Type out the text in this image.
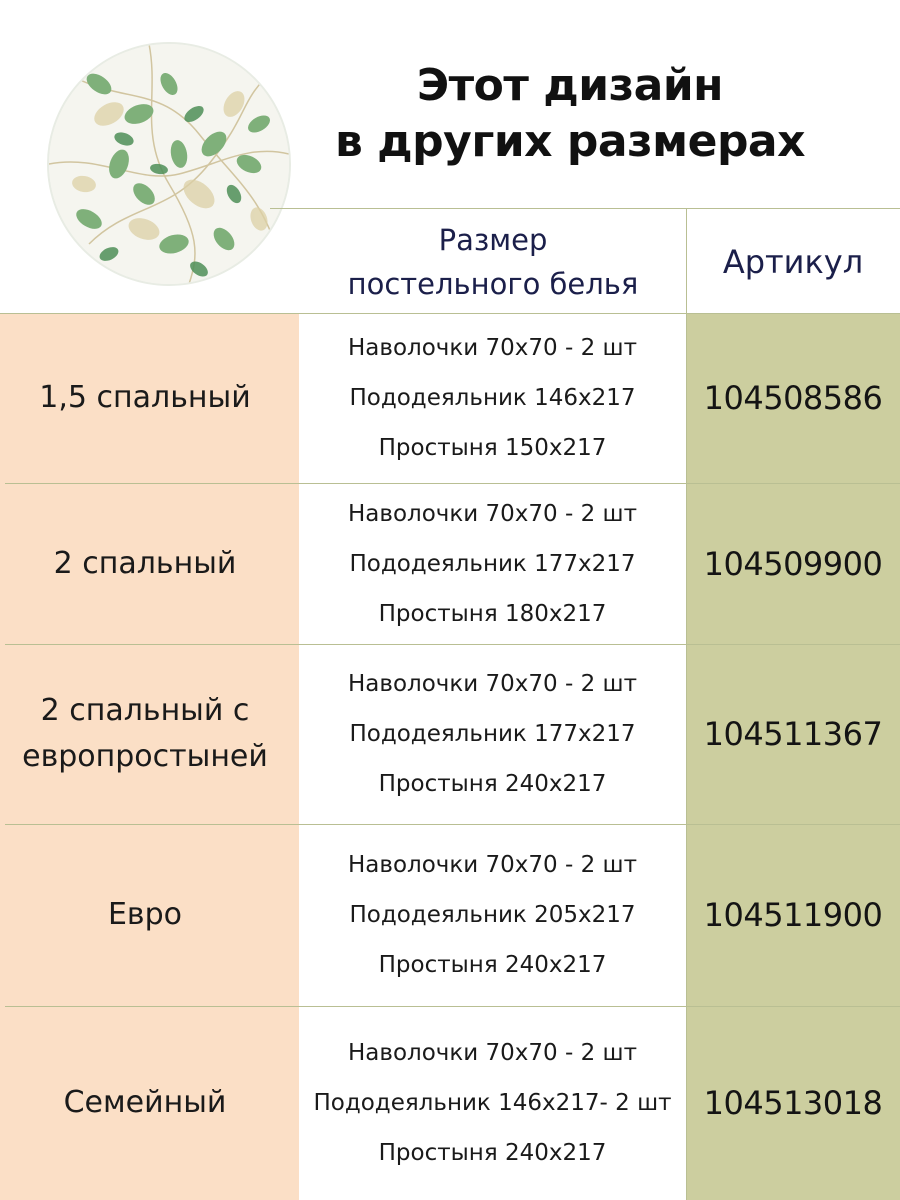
Этот дизайн
в других размерах
Размер
постельного белья
Артикул
1,5 спальный
Наволочки 70х70 - 2 шт
Пододеяльник 146х217
Простыня 150х217
104508586
2 спальный
Наволочки 70х70 - 2 шт
Пододеяльник 177х217
Простыня 180х217
104509900
2 спальный с
европростыней
Наволочки 70х70 - 2 шт
Пододеяльник 177х217
Простыня 240х217
104511367
Евро
Наволочки 70х70 - 2 шт
Пододеяльник 205х217
Простыня 240х217
104511900
Семейный
Наволочки 70х70 - 2 шт
Пододеяльник 146х217- 2 шт
Простыня 240х217
104513018
